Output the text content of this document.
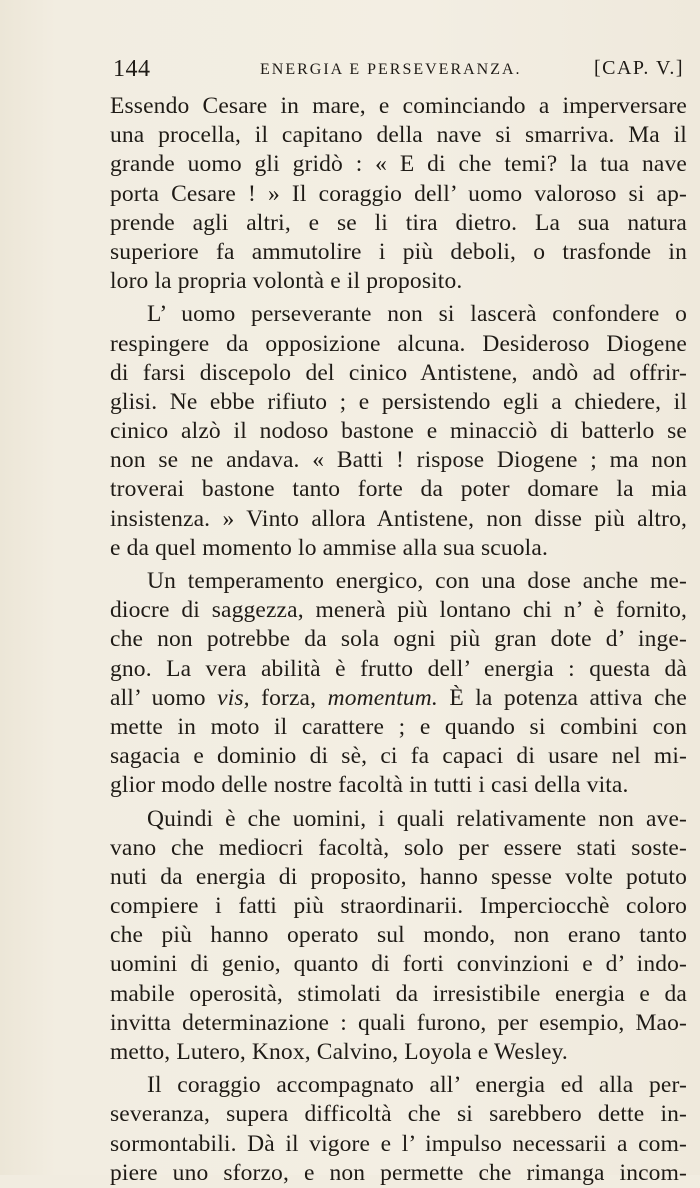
144	ENERGIA E PERSEVERANZA.	[CAP. V.]
Essendo Cesare in mare, e cominciando a imperversare
una procella, il capitano della nave si smarriva. Ma il
grande uomo gli gridò : « E di che temi? la tua nave
porta Cesare ! » Il coraggio dell’ uomo valoroso si ap-
prende agli altri, e se li tira dietro. La sua natura
superiore fa ammutolire i più deboli, o trasfonde in
loro la propria volontà e il proposito.
L’ uomo perseverante non si lascerà confondere o
respingere da opposizione alcuna. Desideroso Diogene
di farsi discepolo del cinico Antistene, andò ad offrir-
glisi. Ne ebbe rifiuto ; e persistendo egli a chiedere, il
cinico alzò il nodoso bastone e minacciò di batterlo se
non se ne andava. « Batti ! rispose Diogene ; ma non
troverai bastone tanto forte da poter domare la mia
insistenza. » Vinto allora Antistene, non disse più altro,
e da quel momento lo ammise alla sua scuola.
Un temperamento energico, con una dose anche me-
diocre di saggezza, menerà più lontano chi n’ è fornito,
che non potrebbe da sola ogni più gran dote d’ inge-
gno. La vera abilità è frutto dell’ energia : questa dà
all’ uomo vis, forza, momentum. È la potenza attiva che
mette in moto il carattere ; e quando si combini con
sagacia e dominio di sè, ci fa capaci di usare nel mi-
glior modo delle nostre facoltà in tutti i casi della vita.
Quindi è che uomini, i quali relativamente non ave-
vano che mediocri facoltà, solo per essere stati soste-
nuti da energia di proposito, hanno spesse volte potuto
compiere i fatti più straordinarii. Imperciocchè coloro
che più hanno operato sul mondo, non erano tanto
uomini di genio, quanto di forti convinzioni e d’ indo-
mabile operosità, stimolati da irresistibile energia e da
invitta determinazione : quali furono, per esempio, Mao-
metto, Lutero, Knox, Calvino, Loyola e Wesley.
Il coraggio accompagnato all’ energia ed alla per-
severanza, supera difficoltà che si sarebbero dette in-
sormontabili. Dà il vigore e l’ impulso necessarii a com-
piere uno sforzo, e non permette che rimanga incom-
